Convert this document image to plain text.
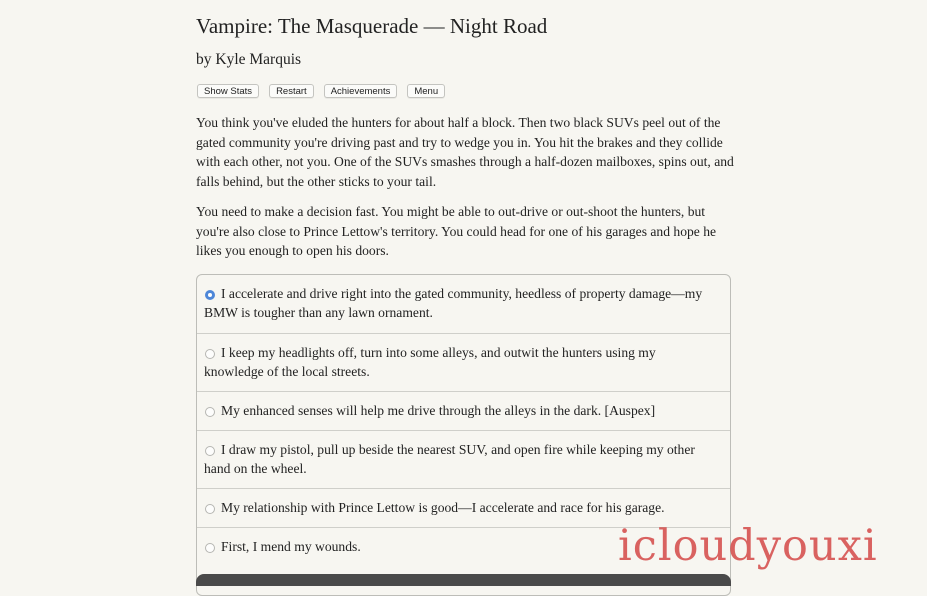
Vampire: The Masquerade — Night Road
by Kyle Marquis
Show Stats	Restart	Achievements	Menu

You think you've eluded the hunters for about half a block. Then two black SUVs peel out of the gated community you're driving past and try to wedge you in. You hit the brakes and they collide with each other, not you. One of the SUVs smashes through a half-dozen mailboxes, spins out, and falls behind, but the other sticks to your tail.

You need to make a decision fast. You might be able to out-drive or out-shoot the hunters, but you're also close to Prince Lettow's territory. You could head for one of his garages and hope he likes you enough to open his doors.

I accelerate and drive right into the gated community, heedless of property damage—my BMW is tougher than any lawn ornament.
I keep my headlights off, turn into some alleys, and outwit the hunters using my knowledge of the local streets.
My enhanced senses will help me drive through the alleys in the dark. [Auspex]
I draw my pistol, pull up beside the nearest SUV, and open fire while keeping my other hand on the wheel.
My relationship with Prince Lettow is good—I accelerate and race for his garage.
First, I mend my wounds.	icloudyouxi
